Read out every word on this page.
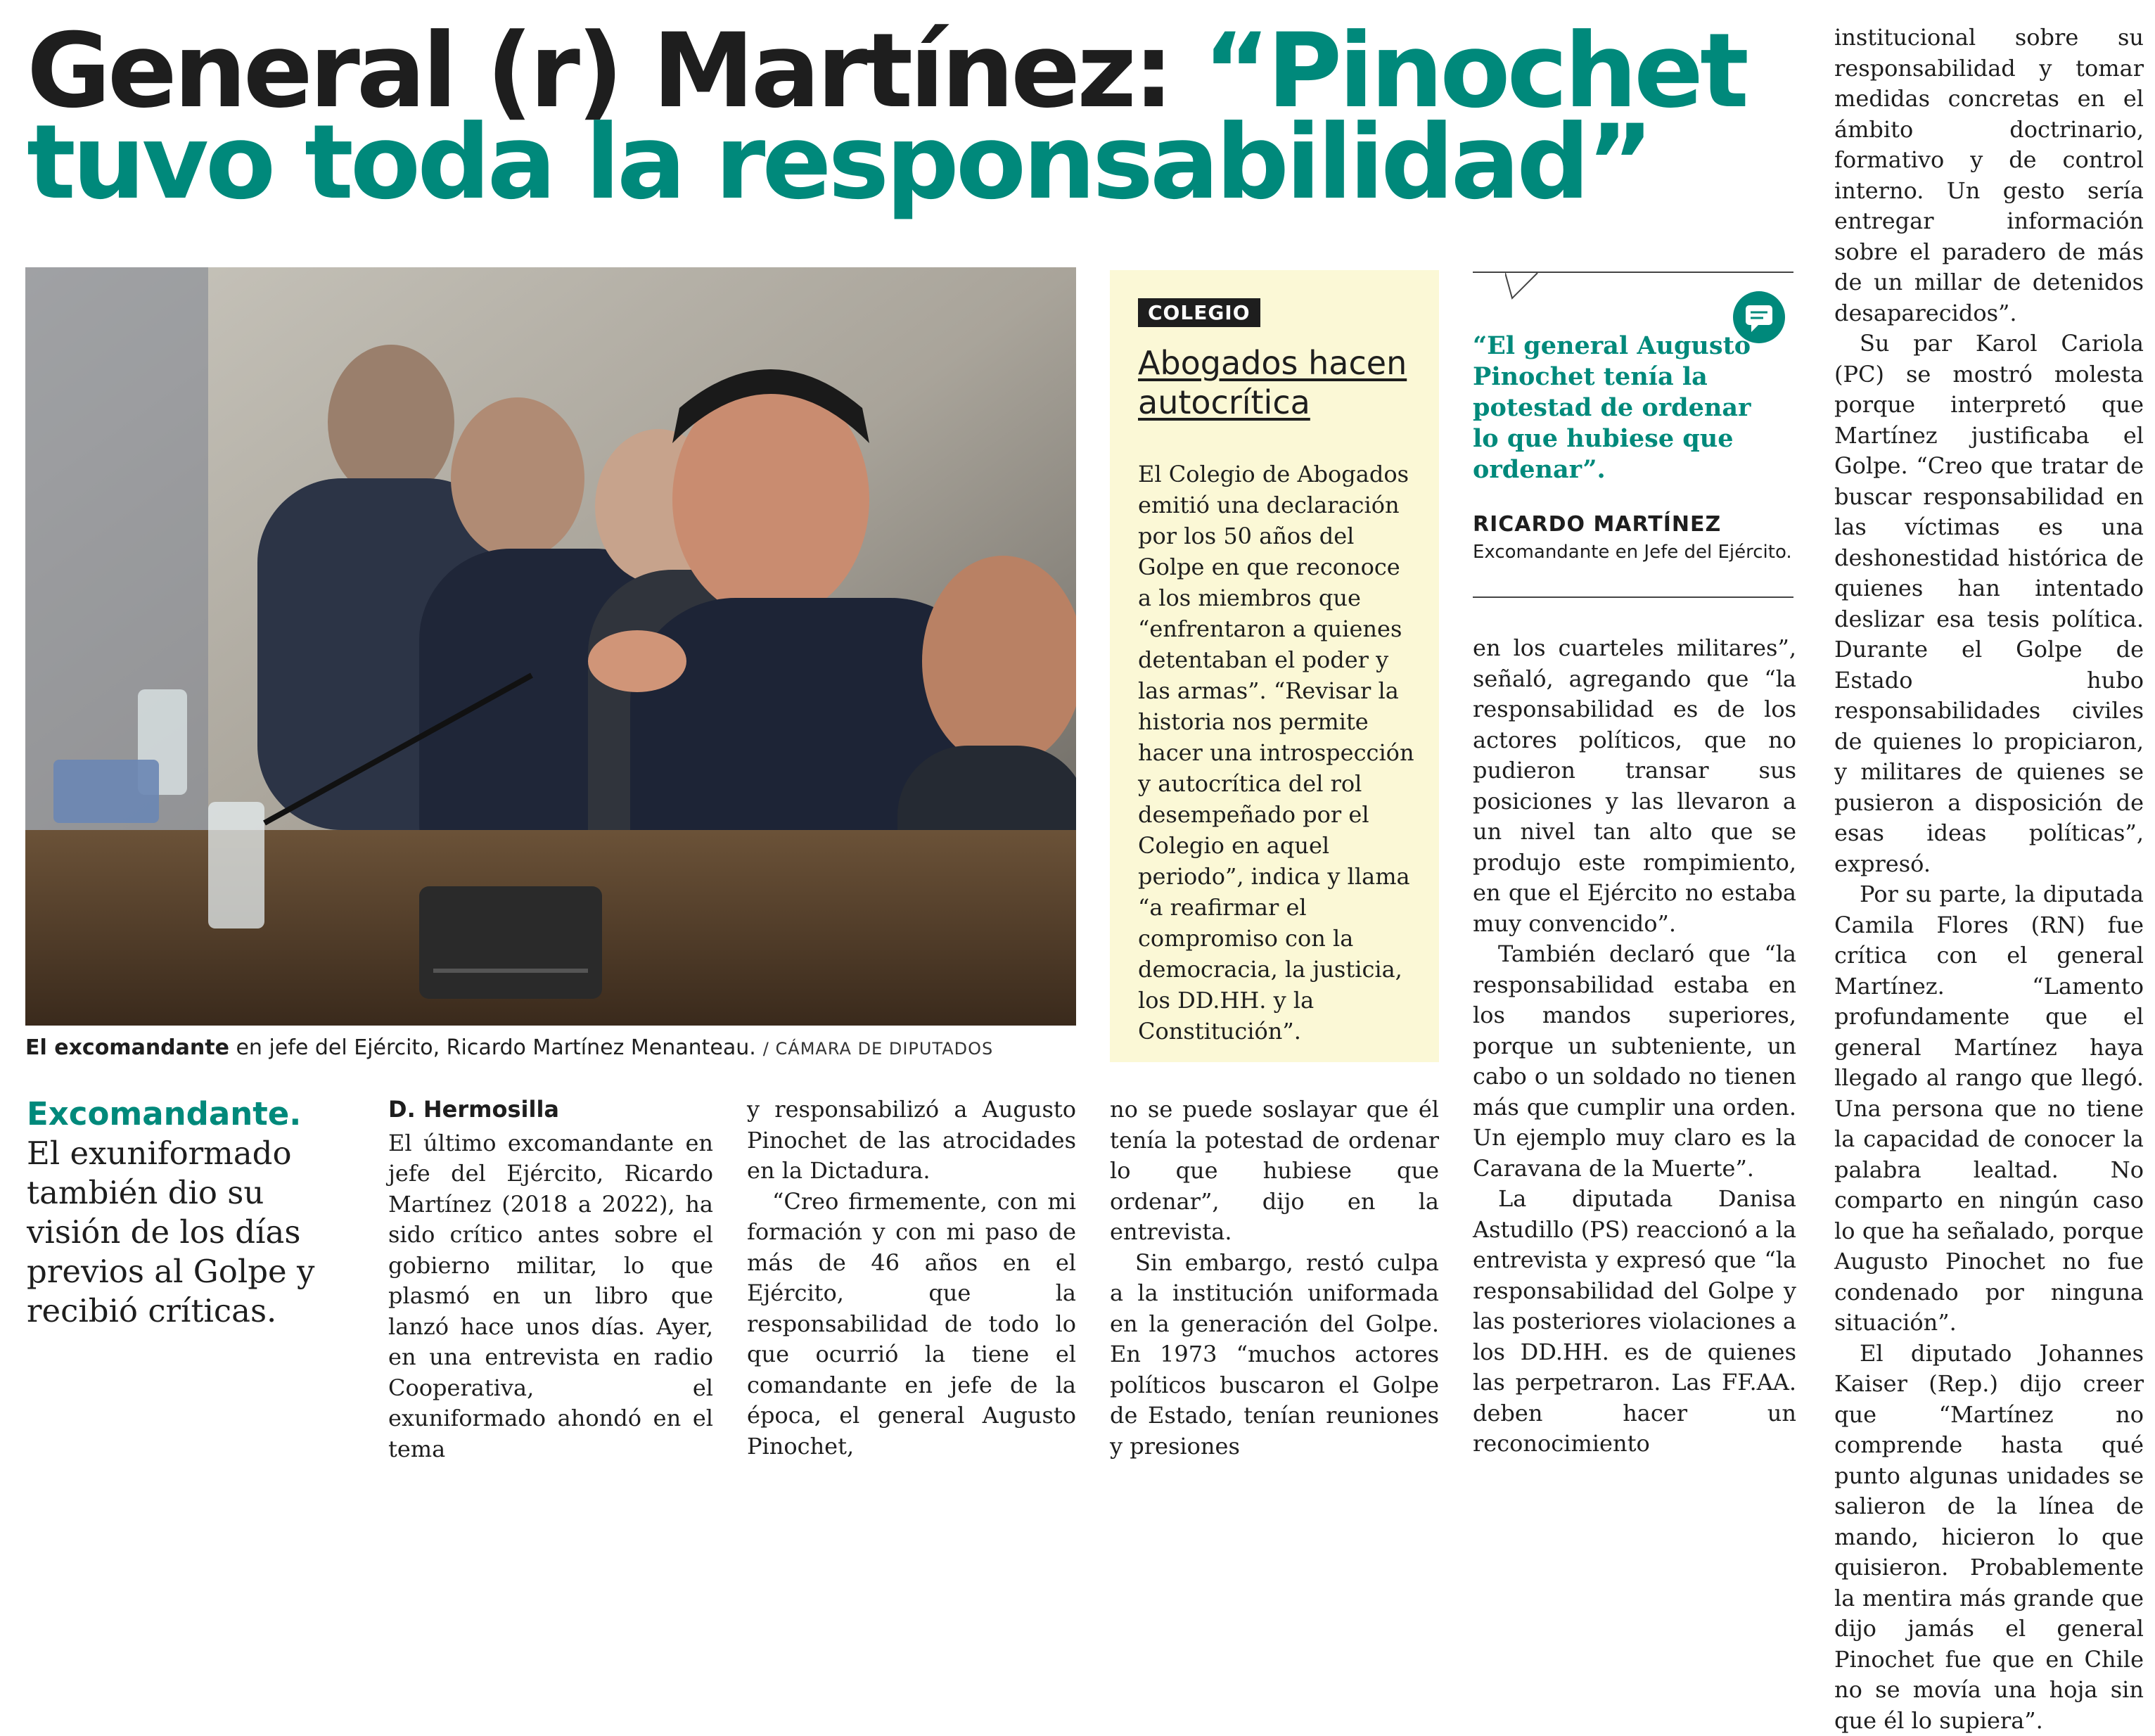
General (r) Martínez: “Pinochet
tuvo toda la responsabilidad”
El excomandante en jefe del Ejército, Ricardo Martínez Menanteau. / CÁMARA DE DIPUTADOS
COLEGIO
Abogados hacen autocrítica
El Colegio de Abogados emitió una declaración por los 50 años del Golpe en que reconoce a los miembros que “enfrentaron a quienes detentaban el poder y las armas”. “Revisar la historia nos permite hacer una introspección y autocrítica del rol desempeñado por el Colegio en aquel periodo”, indica y llama “a reafirmar el compromiso con la democracia, la justicia, los DD.HH. y la Constitución”.
“El general Augusto Pinochet tenía la potestad de ordenar lo que hubiese que ordenar”.
RICARDO MARTÍNEZ
Excomandante en Jefe del Ejército.
Excomandante. El exuniformado también dio su visión de los días previos al Golpe y recibió críticas.
D. Hermosilla

El último excomandante en jefe del Ejército, Ricardo Martínez (2018 a 2022), ha sido crítico antes sobre el gobierno militar, lo que plasmó en un libro que lanzó hace unos días. Ayer, en una entrevista en radio Cooperativa, el exuniformado ahondó en el tema

y responsabilizó a Augusto Pinochet de las atrocidades en la Dictadura.

“Creo firmemente, con mi formación y con mi paso de más de 46 años en el Ejército, que la responsabilidad de todo lo que ocurrió la tiene el comandante en jefe de la época, el general Augusto Pinochet,

no se puede soslayar que él tenía la potestad de ordenar lo que hubiese que ordenar”, dijo en la entrevista.

Sin embargo, restó culpa a la institución uniformada en la generación del Golpe. En 1973 “muchos actores políticos buscaron el Golpe de Estado, tenían reuniones y presiones

en los cuarteles militares”, señaló, agregando que “la responsabilidad es de los actores políticos, que no pudieron transar sus posiciones y las llevaron a un nivel tan alto que se produjo este rompimiento, en que el Ejército no estaba muy convencido”.

También declaró que “la responsabilidad estaba en los mandos superiores, porque un subteniente, un cabo o un soldado no tienen más que cumplir una orden. Un ejemplo muy claro es la Caravana de la Muerte”.

La diputada Danisa Astudillo (PS) reaccionó a la entrevista y expresó que “la responsabilidad del Golpe y las posteriores violaciones a los DD.HH. es de quienes las perpetraron. Las FF.AA. deben hacer un reconocimiento

institucional sobre su responsabilidad y tomar medidas concretas en el ámbito doctrinario, formativo y de control interno. Un gesto sería entregar información sobre el paradero de más de un millar de detenidos desaparecidos”.

Su par Karol Cariola (PC) se mostró molesta porque interpretó que Martínez justificaba el Golpe. “Creo que tratar de buscar responsabilidad en las víctimas es una deshonestidad histórica de quienes han intentado deslizar esa tesis política. Durante el Golpe de Estado hubo responsabilidades civiles de quienes lo propiciaron, y militares de quienes se pusieron a disposición de esas ideas políticas”, expresó.

Por su parte, la diputada Camila Flores (RN) fue crítica con el general Martínez. “Lamento profundamente que el general Martínez haya llegado al rango que llegó. Una persona que no tiene la capacidad de conocer la palabra lealtad. No comparto en ningún caso lo que ha señalado, porque Augusto Pinochet no fue condenado por ninguna situación”.

El diputado Johannes Kaiser (Rep.) dijo creer que “Martínez no comprende hasta qué punto algunas unidades se salieron de la línea de mando, hicieron lo que quisieron. Probablemente la mentira más grande que dijo jamás el general Pinochet fue que en Chile no se movía una hoja sin que él lo supiera”.
